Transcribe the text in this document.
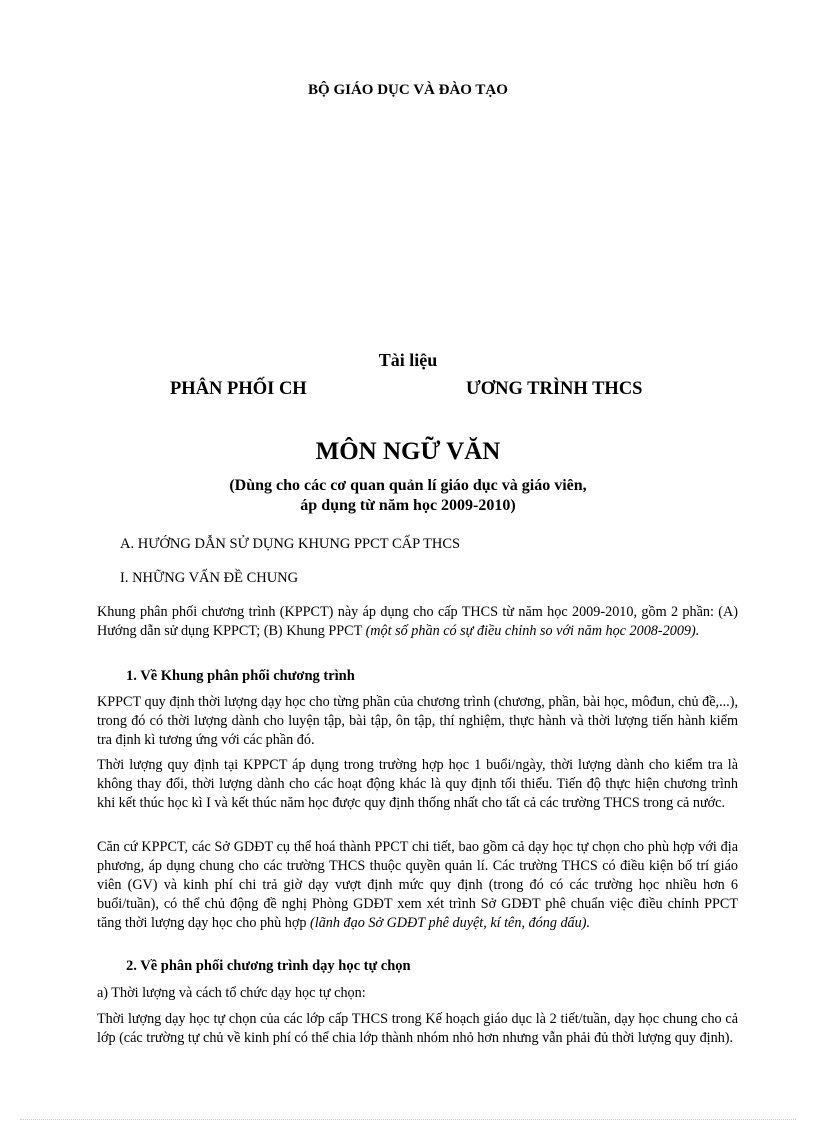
BỘ GIÁO DỤC VÀ ĐÀO TẠO
Tài liệu
PHÂN PHỐI CH	ƯƠNG TRÌNH THCS
MÔN NGỮ VĂN
(Dùng cho các cơ quan quản lí giáo dục và giáo viên,
áp dụng từ năm học 2009-2010)
A. HƯỚNG DẪN SỬ DỤNG KHUNG PPCT CẤP THCS
I. NHỮNG VẤN ĐỀ CHUNG

Khung phân phối chương trình (KPPCT) này áp dụng cho cấp THCS từ năm học 2009-2010, gồm 2 phần: (A) Hướng dẫn sử dụng KPPCT; (B) Khung PPCT (một số phần có sự điều chỉnh so với năm học 2008-2009).

1. Về Khung phân phối chương trình

KPPCT quy định thời lượng dạy học cho từng phần của chương trình (chương, phần, bài học, môđun, chủ đề,...), trong đó có thời lượng dành cho luyện tập, bài tập, ôn tập, thí nghiệm, thực hành và thời lượng tiến hành kiểm tra định kì tương ứng với các phần đó.

Thời lượng quy định tại KPPCT áp dụng trong trường hợp học 1 buổi/ngày, thời lượng dành cho kiểm tra là không thay đổi, thời lượng dành cho các hoạt động khác là quy định tối thiểu. Tiến độ thực hiện chương trình khi kết thúc học kì I và kết thúc năm học được quy định thống nhất cho tất cả các trường THCS trong cả nước.

Căn cứ KPPCT, các Sở GDĐT cụ thể hoá thành PPCT chi tiết, bao gồm cả dạy học tự chọn cho phù hợp với địa phương, áp dụng chung cho các trường THCS thuộc quyền quản lí. Các trường THCS có điều kiện bố trí giáo viên (GV) và kinh phí chi trả giờ dạy vượt định mức quy định (trong đó có các trường học nhiều hơn 6 buổi/tuần), có thể chủ động đề nghị Phòng GDĐT xem xét trình Sở GDĐT phê chuẩn việc điều chỉnh PPCT tăng thời lượng dạy học cho phù hợp (lãnh đạo Sở GDĐT phê duyệt, kí tên, đóng dấu).

2. Về phân phối chương trình dạy học tự chọn
a) Thời lượng và cách tổ chức dạy học tự chọn:

Thời lượng dạy học tự chọn của các lớp cấp THCS trong Kế hoạch giáo dục là 2 tiết/tuần, dạy học chung cho cả lớp (các trường tự chủ về kinh phí có thể chia lớp thành nhóm nhỏ hơn nhưng vẫn phải đủ thời lượng quy định).
